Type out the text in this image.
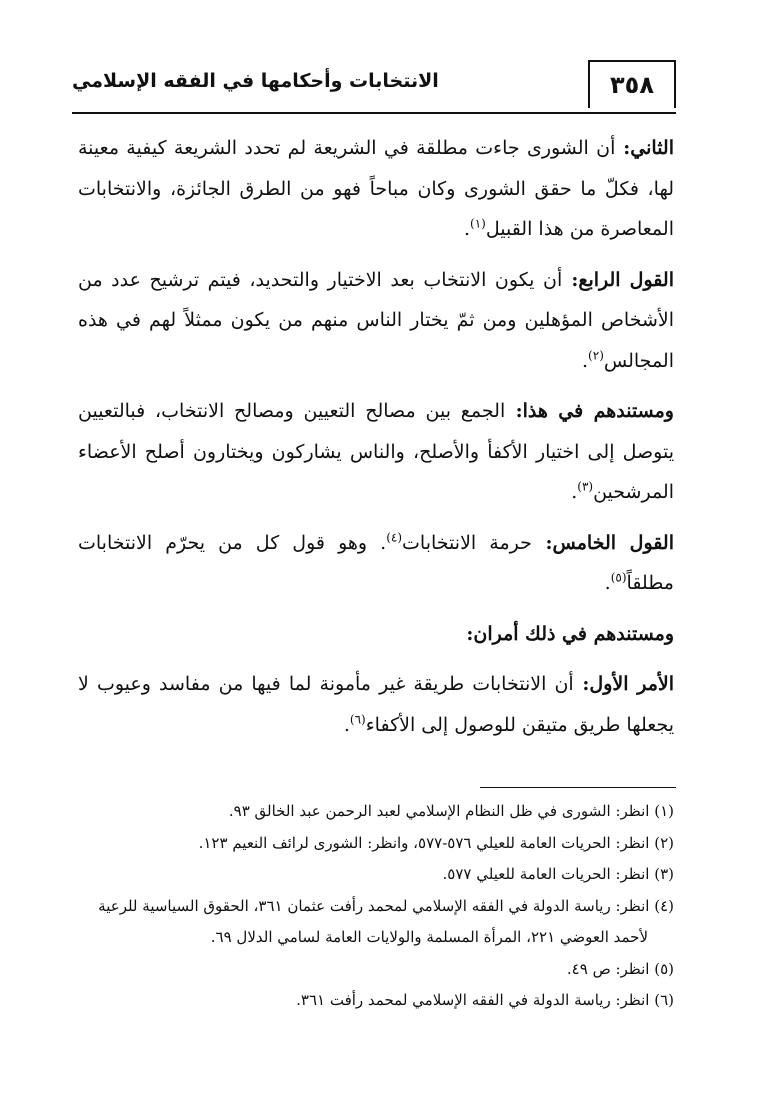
٣٥٨
الانتخابات وأحكامها في الفقه الإسلامي

الثاني: أن الشورى جاءت مطلقة في الشريعة لم تحدد الشريعة كيفية معينة لها، فكلّ ما حقق الشورى وكان مباحاً فهو من الطرق الجائزة، والانتخابات المعاصرة من هذا القبيل$^{(١)}$.

القول الرابع: أن يكون الانتخاب بعد الاختيار والتحديد، فيتم ترشيح عدد من الأشخاص المؤهلين ومن ثمّ يختار الناس منهم من يكون ممثلاً لهم في هذه المجالس$^{(٢)}$.

ومستندهم في هذا: الجمع بين مصالح التعيين ومصالح الانتخاب، فبالتعيين يتوصل إلى اختيار الأكفأ والأصلح، والناس يشاركون ويختارون أصلح الأعضاء المرشحين$^{(٣)}$.

القول الخامس: حرمة الانتخابات$^{(٤)}$. وهو قول كل من يحرّم الانتخابات مطلقاً$^{(٥)}$.

ومستندهم في ذلك أمران:

الأمر الأول: أن الانتخابات طريقة غير مأمونة لما فيها من مفاسد وعيوب لا يجعلها طريق متيقن للوصول إلى الأكفاء$^{(٦)}$.

(١) انظر: الشورى في ظل النظام الإسلامي لعبد الرحمن عبد الخالق ٩٣.

(٢) انظر: الحريات العامة للعيلي ٥٧٦-٥٧٧، وانظر: الشورى لرائف النعيم ١٢٣.

(٣) انظر: الحريات العامة للعيلي ٥٧٧.

(٤) انظر: رياسة الدولة في الفقه الإسلامي لمحمد رأفت عثمان ٣٦١، الحقوق السياسية للرعية

لأحمد العوضي ٢٢١، المرأة المسلمة والولايات العامة لسامي الدلال ٦٩.

(٥) انظر: ص ٤٩.

(٦) انظر: رياسة الدولة في الفقه الإسلامي لمحمد رأفت ٣٦١.
